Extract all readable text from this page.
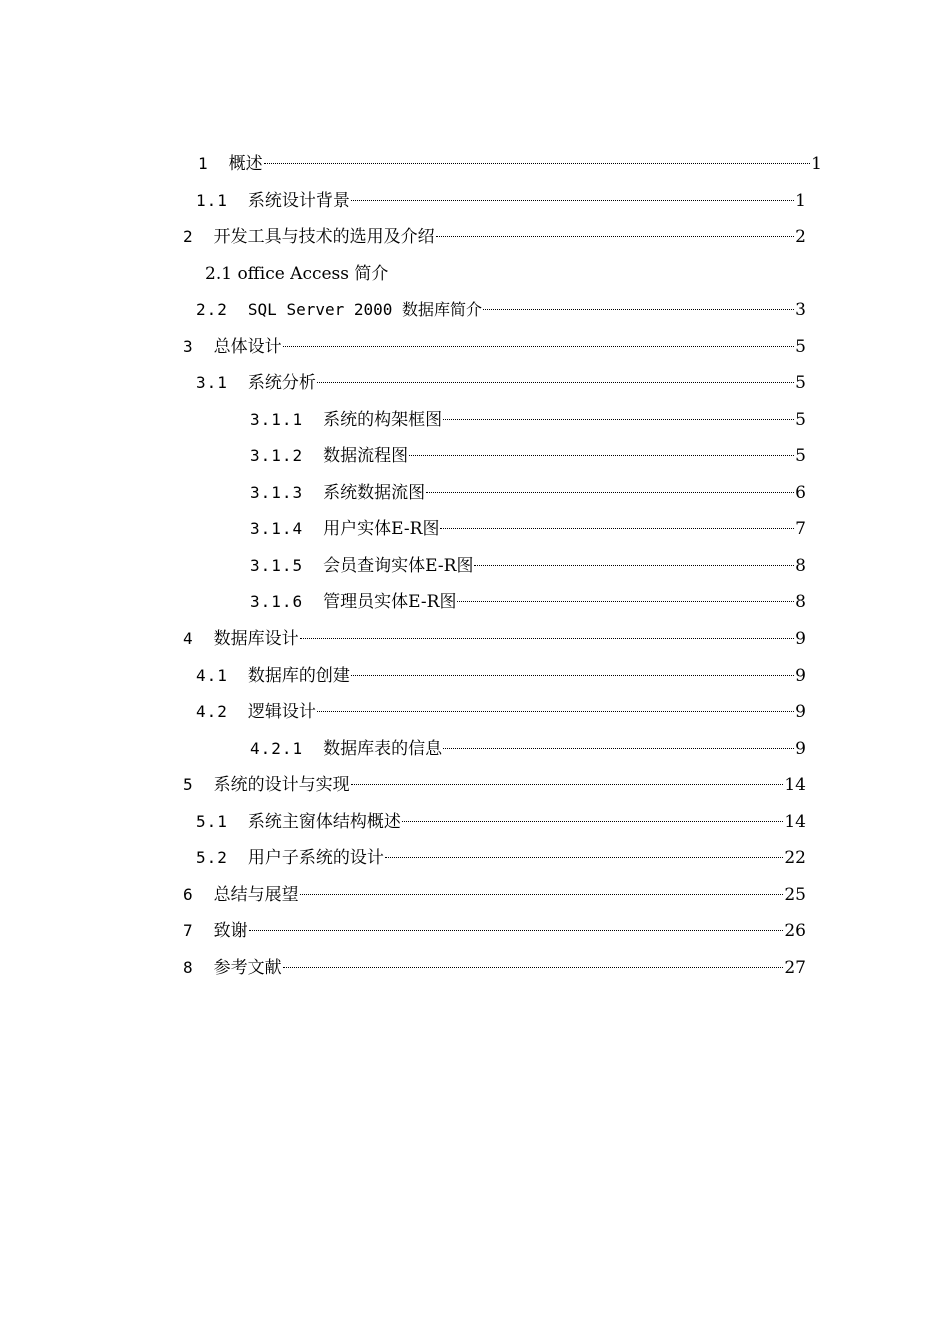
1 概述	1
1.1 系统设计背景	1
2 开发工具与技术的选用及介绍	2
2.1 office Access 简介
2.2 SQL Server 2000 数据库简介	3
3 总体设计	5
3.1 系统分析	5
3.1.1 系统的构架框图	5
3.1.2 数据流程图	5
3.1.3 系统数据流图	6
3.1.4 用户实体E-R图	7
3.1.5 会员查询实体E-R图	8
3.1.6 管理员实体E-R图	8
4 数据库设计	9
4.1 数据库的创建	9
4.2 逻辑设计	9
4.2.1 数据库表的信息	9
5 系统的设计与实现	14
5.1 系统主窗体结构概述	14
5.2 用户子系统的设计	22
6 总结与展望	25
7 致谢	26
8 参考文献	27
